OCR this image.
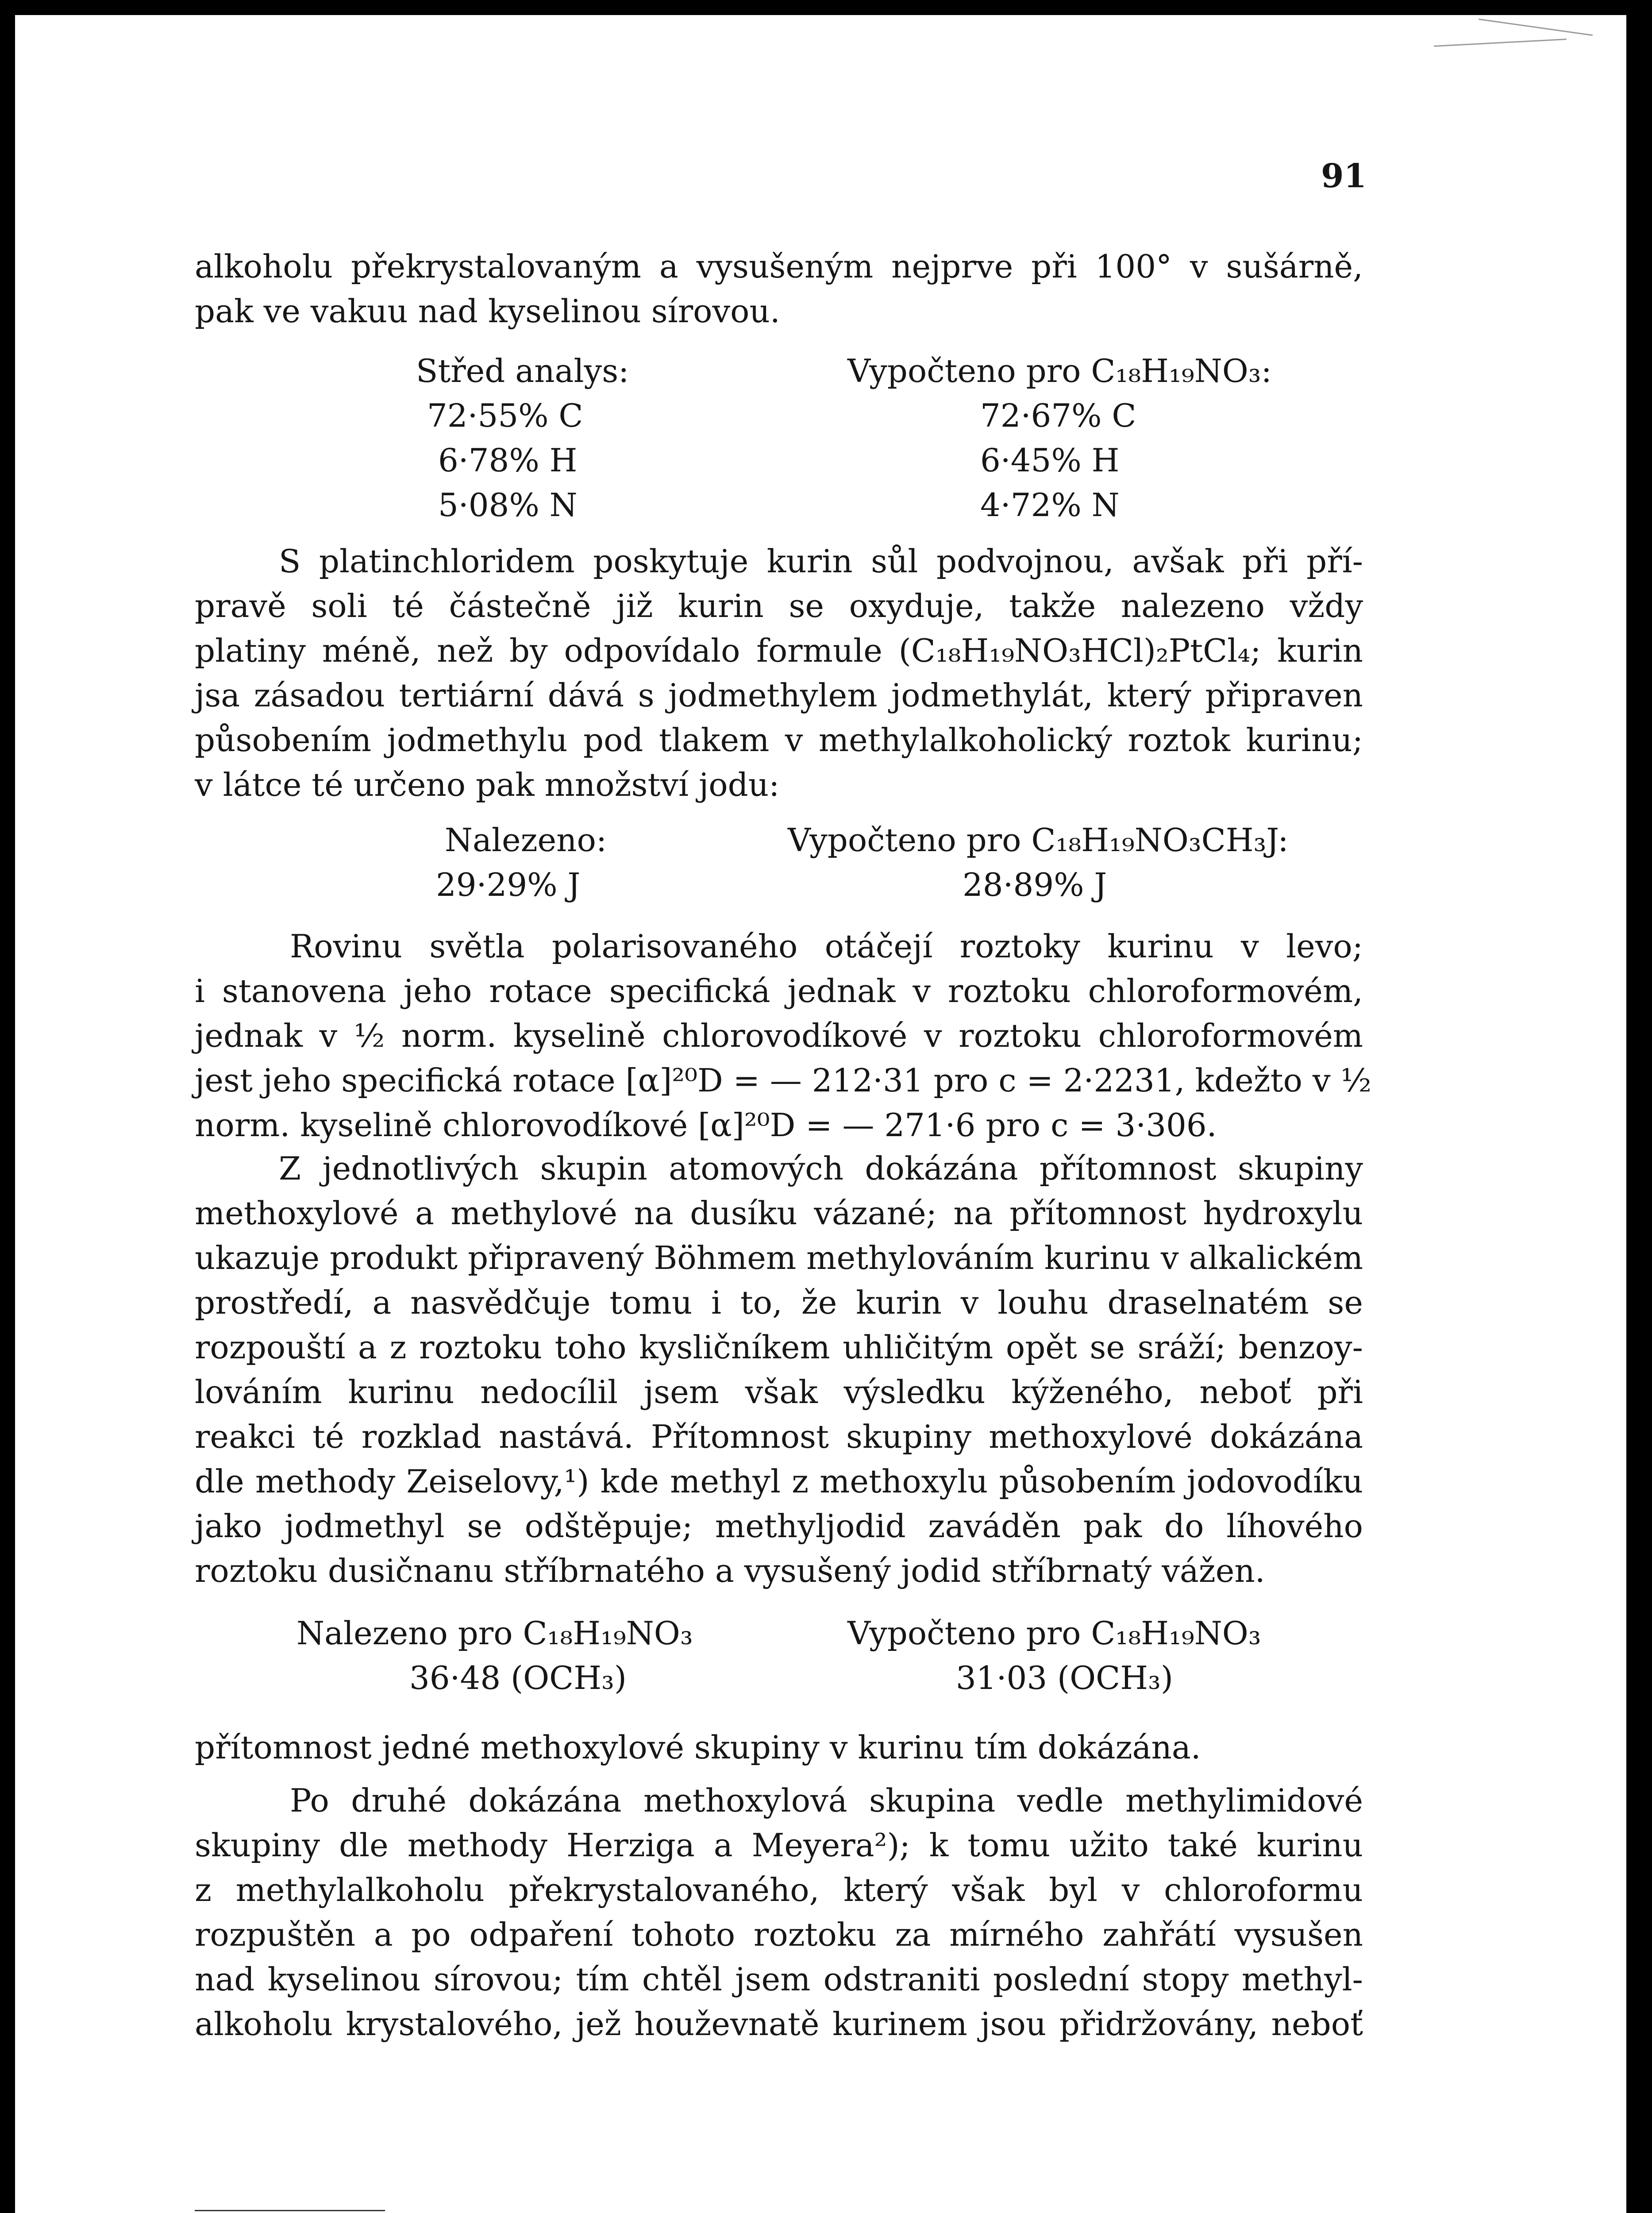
91
alkoholu překrystalovaným a vysušeným nejprve při 100° v sušárně,
pak ve vakuu nad kyselinou sírovou.
Střed analys:
72·55% C
6·78% H
5·08% N
Vypočteno pro C₁₈H₁₉NO₃:
72·67% C
6·45% H
4·72% N
S platinchloridem poskytuje kurin sůl podvojnou, avšak při pří-
pravě soli té částečně již kurin se oxyduje, takže nalezeno vždy
platiny méně, než by odpovídalo formule (C₁₈H₁₉NO₃HCl)₂PtCl₄; kurin
jsa zásadou tertiární dává s jodmethylem jodmethylát, který připraven
působením jodmethylu pod tlakem v methylalkoholický roztok kurinu;
v látce té určeno pak množství jodu:
Nalezeno:
29·29% J
Vypočteno pro C₁₈H₁₉NO₃CH₃J:
28·89% J
Rovinu světla polarisovaného otáčejí roztoky kurinu v levo;
i stanovena jeho rotace specifická jednak v roztoku chloroformovém,
jednak v ½ norm. kyselině chlorovodíkové v roztoku chloroformovém
jest jeho specifická rotace [α]²⁰D = — 212·31 pro c = 2·2231, kdežto v ½
norm. kyselině chlorovodíkové [α]²⁰D = — 271·6 pro c = 3·306.
Z jednotlivých skupin atomových dokázána přítomnost skupiny
methoxylové a methylové na dusíku vázané; na přítomnost hydroxylu
ukazuje produkt připravený Böhmem methylováním kurinu v alkalickém
prostředí, a nasvědčuje tomu i to, že kurin v louhu draselnatém se
rozpouští a z roztoku toho kysličníkem uhličitým opět se sráží; benzoy-
lováním kurinu nedocílil jsem však výsledku kýženého, neboť při
reakci té rozklad nastává. Přítomnost skupiny methoxylové dokázána
dle methody Zeiselovy,¹) kde methyl z methoxylu působením jodovodíku
jako jodmethyl se odštěpuje; methyljodid zaváděn pak do líhového
roztoku dusičnanu stříbrnatého a vysušený jodid stříbrnatý vážen.
Nalezeno pro C₁₈H₁₉NO₃
36·48 (OCH₃)
Vypočteno pro C₁₈H₁₉NO₃
31·03 (OCH₃)
přítomnost jedné methoxylové skupiny v kurinu tím dokázána.
Po druhé dokázána methoxylová skupina vedle methylimidové
skupiny dle methody Herziga a Meyera²); k tomu užito také kurinu
z methylalkoholu překrystalovaného, který však byl v chloroformu
rozpuštěn a po odpaření tohoto roztoku za mírného zahřátí vysušen
nad kyselinou sírovou; tím chtěl jsem odstraniti poslední stopy methyl-
alkoholu krystalového, jež houževnatě kurinem jsou přidržovány, neboť
